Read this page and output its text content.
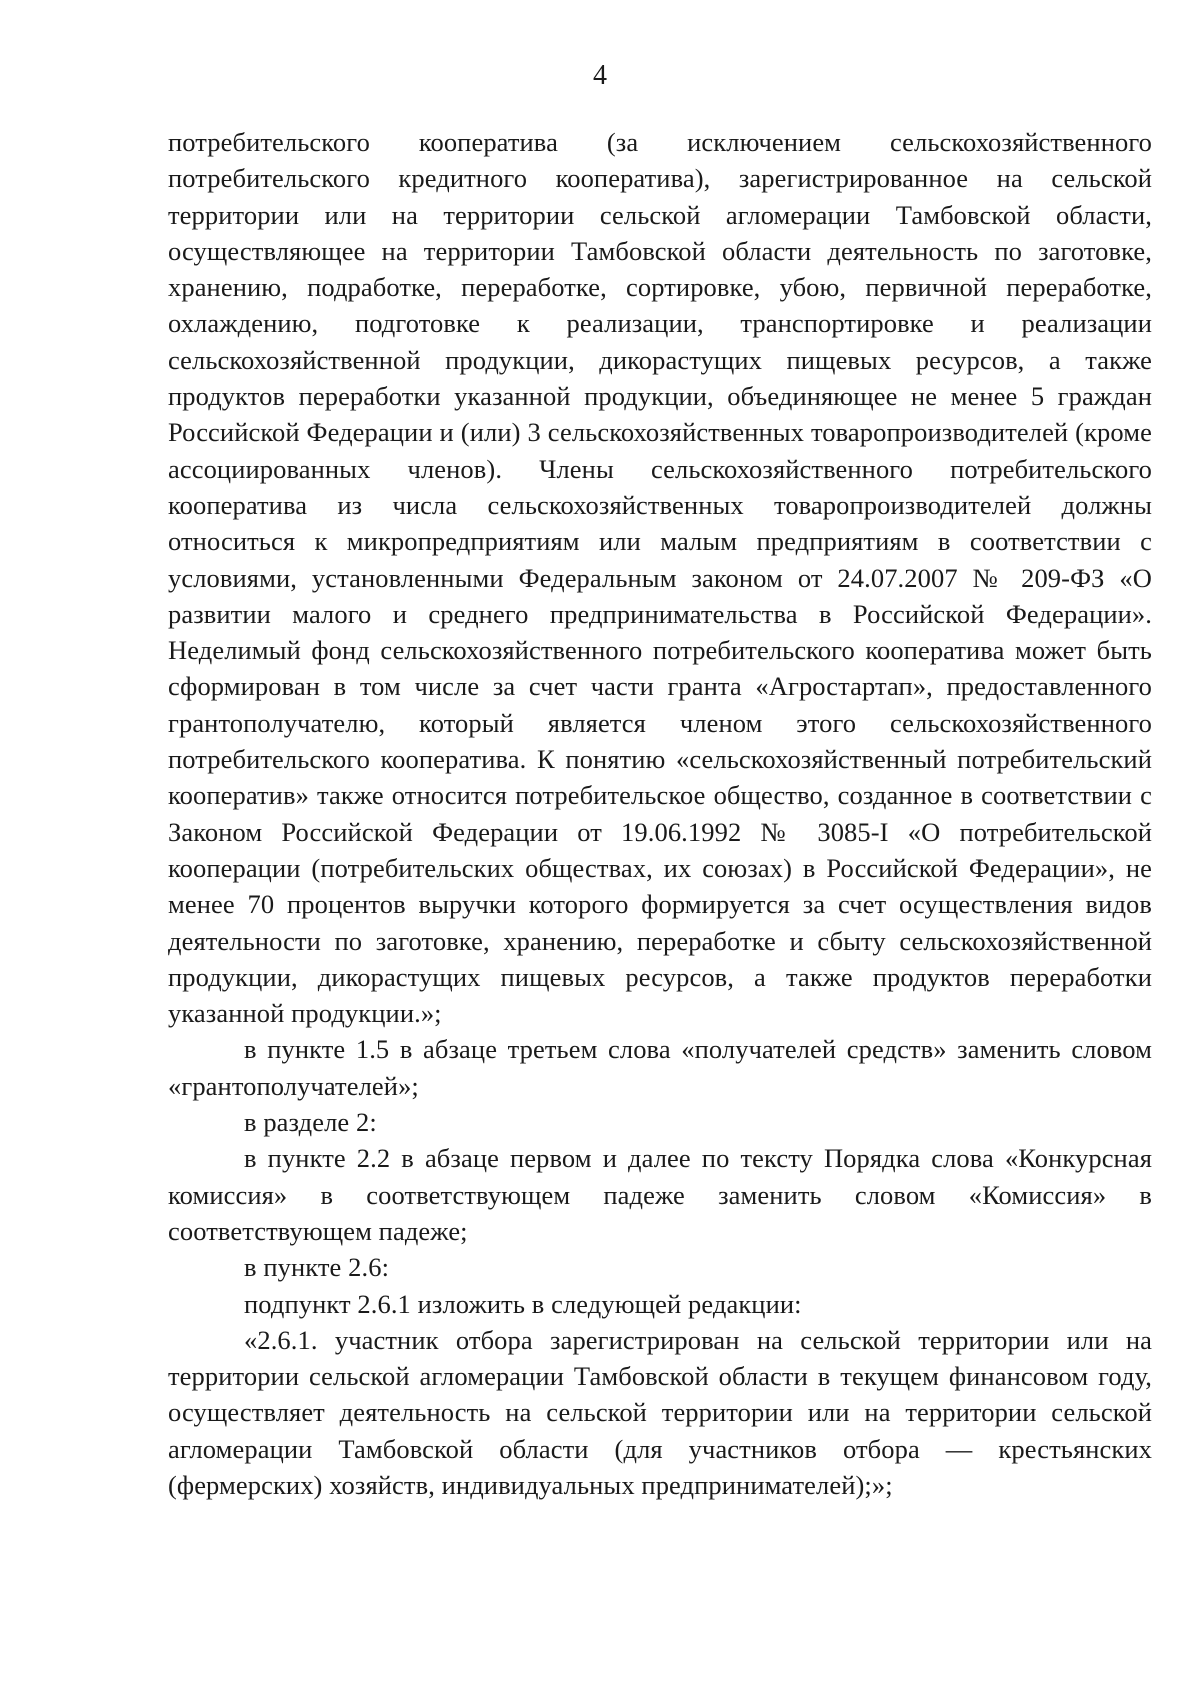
4

потребительского кооператива (за исключением сельскохозяйственного потребительского кредитного кооператива), зарегистрированное на сельской территории или на территории сельской агломерации Тамбовской области, осуществляющее на территории Тамбовской области деятельность по заготовке, хранению, подработке, переработке, сортировке, убою, первичной переработке, охлаждению, подготовке к реализации, транспортировке и реализации сельскохозяйственной продукции, дикорастущих пищевых ресурсов, а также продуктов переработки указанной продукции, объединяющее не менее 5 граждан Российской Федерации и (или) 3 сельскохозяйственных товаропроизводителей (кроме ассоциированных членов). Члены сельскохозяйственного потребительского кооператива из числа сельскохозяйственных товаропроизводителей должны относиться к микропредприятиям или малым предприятиям в соответствии с условиями, установленными Федеральным законом от 24.07.2007 № 209-ФЗ «О развитии малого и среднего предпринимательства в Российской Федерации». Неделимый фонд сельскохозяйственного потребительского кооператива может быть сформирован в том числе за счет части гранта «Агростартап», предоставленного грантополучателю, который является членом этого сельскохозяйственного потребительского кооператива. К понятию «сельскохозяйственный потребительский кооператив» также относится потребительское общество, созданное в соответствии с Законом Российской Федерации от 19.06.1992 № 3085-I «О потребительской кооперации (потребительских обществах, их союзах) в Российской Федерации», не менее 70 процентов выручки которого формируется за счет осуществления видов деятельности по заготовке, хранению, переработке и сбыту сельскохозяйственной продукции, дикорастущих пищевых ресурсов, а также продуктов переработки указанной продукции.»;

в пункте 1.5 в абзаце третьем слова «получателей средств» заменить словом «грантополучателей»;

в разделе 2:

в пункте 2.2 в абзаце первом и далее по тексту Порядка слова «Конкурсная комиссия» в соответствующем падеже заменить словом «Комиссия» в соответствующем падеже;

в пункте 2.6:

подпункт 2.6.1 изложить в следующей редакции:

«2.6.1. участник отбора зарегистрирован на сельской территории или на территории сельской агломерации Тамбовской области в текущем финансовом году, осуществляет деятельность на сельской территории или на территории сельской агломерации Тамбовской области (для участников отбора — крестьянских (фермерских) хозяйств, индивидуальных предпринимателей);»;
